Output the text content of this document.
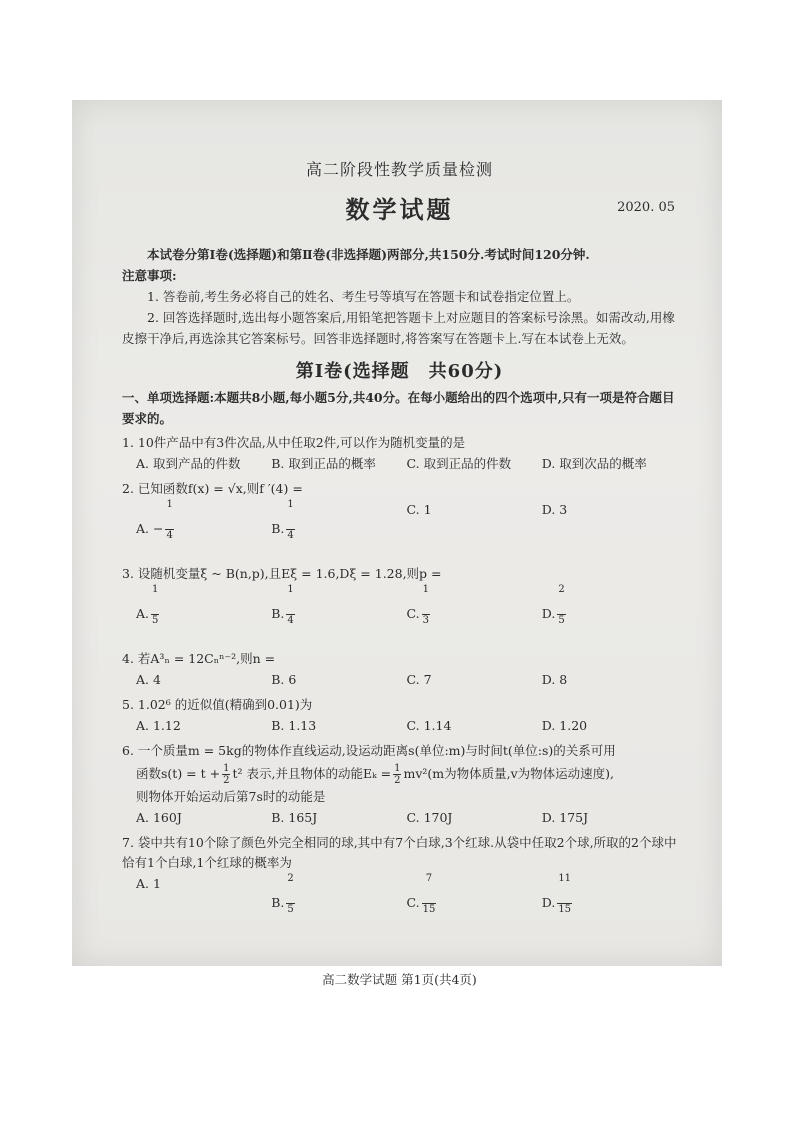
高二阶段性教学质量检测
数学试题	2020. 05
本试卷分第Ⅰ卷(选择题)和第Ⅱ卷(非选择题)两部分,共150分.考试时间120分钟.
注意事项:
1. 答卷前,考生务必将自己的姓名、考生号等填写在答题卡和试卷指定位置上。
2. 回答选择题时,选出每小题答案后,用铅笔把答题卡上对应题目的答案标号涂黑。如需改动,用橡皮擦干净后,再选涂其它答案标号。回答非选择题时,将答案写在答题卡上.写在本试卷上无效。
第Ⅰ卷(选择题　共60分)
一、单项选择题:本题共8小题,每小题5分,共40分。在每小题给出的四个选项中,只有一项是符合题目要求的。
1. 10件产品中有3件次品,从中任取2件,可以作为随机变量的是
A. 取到产品的件数	B. 取到正品的概率	C. 取到正品的件数	D. 取到次品的概率
2. 已知函数f(x) = √x,则f ′(4) =
A. − $\frac{1}{4}$	B. $\frac{1}{4}$	C. 1	D. 3
3. 设随机变量ξ ~ B(n,p),且Eξ = 1.6,Dξ = 1.28,则p =
A. $\frac{1}{5}$	B. $\frac{1}{4}$	C. $\frac{1}{3}$	D. $\frac{2}{5}$
4. 若A³ₙ = 12Cₙⁿ⁻²,则n =
A. 4	B. 6	C. 7	D. 8
5. 1.02⁶ 的近似值(精确到0.01)为
A. 1.12	B. 1.13	C. 1.14	D. 1.20
6. 一个质量m = 5kg的物体作直线运动,设运动距离s(单位:m)与时间t(单位:s)的关系可用
函数$s(t) = t + \frac{1}{2} t^2$ 表示,并且物体的动能$E_k = \frac{1}{2} mv^2(m$为物体质量,v为物体运动速度),
则物体开始运动后第7s时的动能是
A. 160J	B. 165J	C. 170J	D. 175J
7. 袋中共有10个除了颜色外完全相同的球,其中有7个白球,3个红球.从袋中任取2个球,所取的2个球中恰有1个白球,1个红球的概率为
A. 1
B. $\frac{2}{5}$	C. $\frac{7}{15}$	D. $\frac{11}{15}$
高二数学试题 第1页(共4页)
